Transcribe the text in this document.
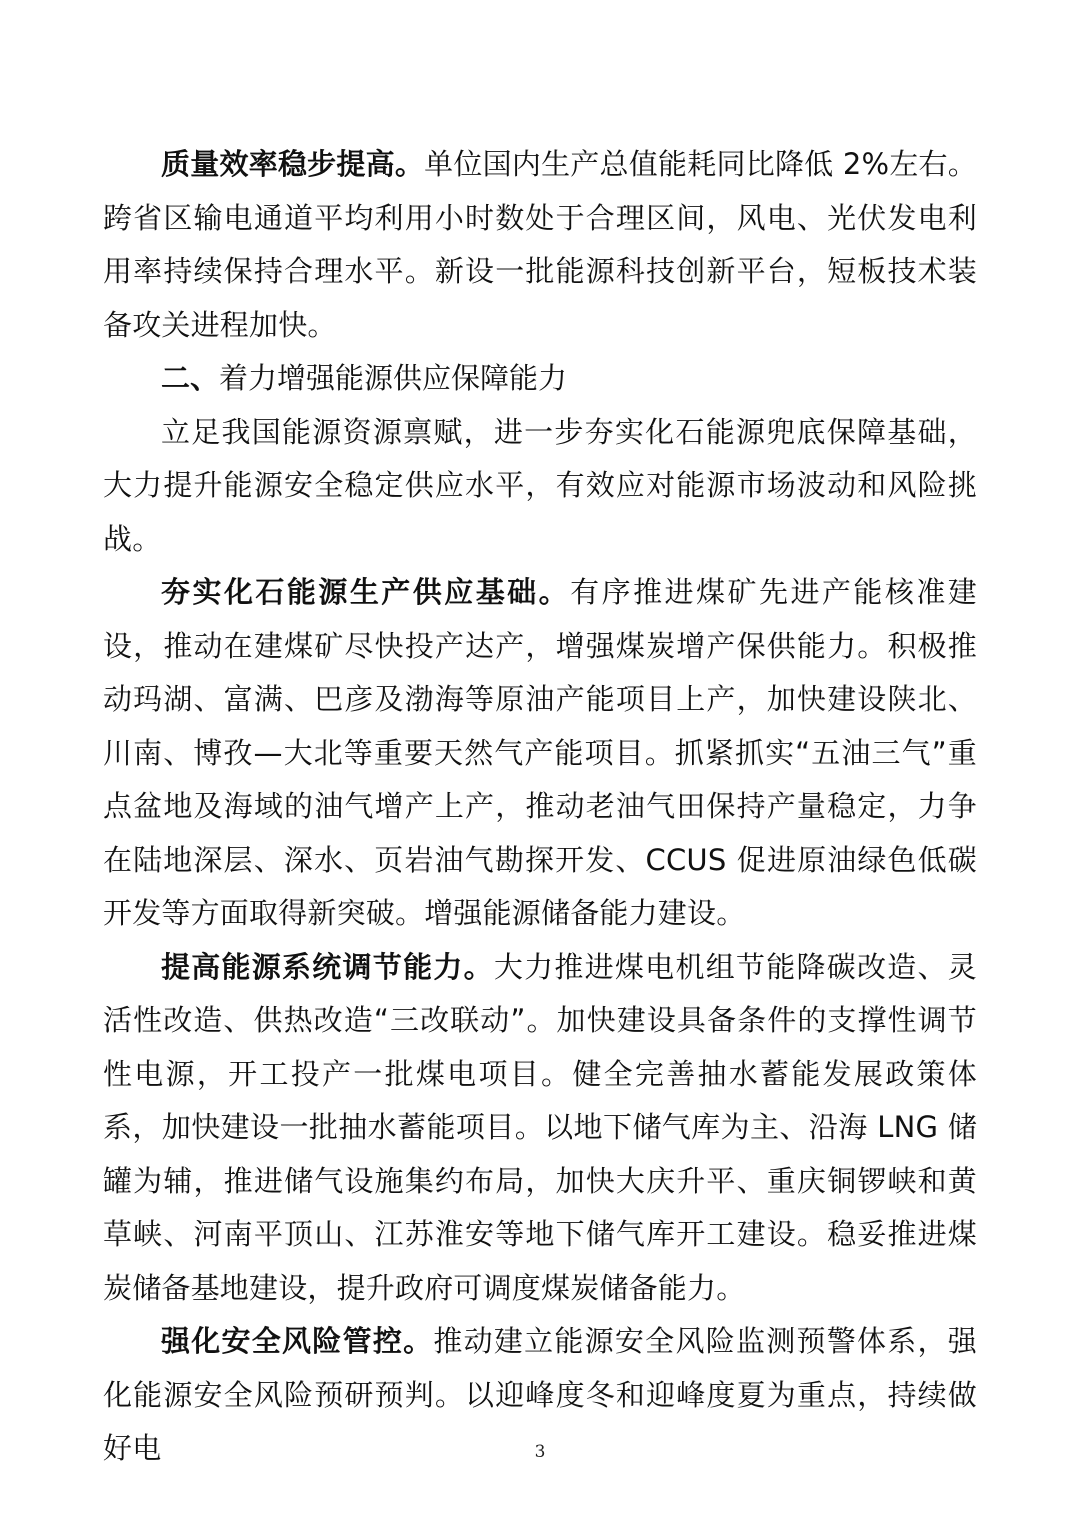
质量效率稳步提高。单位国内生产总值能耗同比降低 2%左右。跨省区输电通道平均利用小时数处于合理区间，风电、光伏发电利用率持续保持合理水平。新设一批能源科技创新平台，短板技术装备攻关进程加快。

二、着力增强能源供应保障能力

立足我国能源资源禀赋，进一步夯实化石能源兜底保障基础，大力提升能源安全稳定供应水平，有效应对能源市场波动和风险挑战。

夯实化石能源生产供应基础。有序推进煤矿先进产能核准建设，推动在建煤矿尽快投产达产，增强煤炭增产保供能力。积极推动玛湖、富满、巴彦及渤海等原油产能项目上产，加快建设陕北、川南、博孜—大北等重要天然气产能项目。抓紧抓实“五油三气”重点盆地及海域的油气增产上产，推动老油气田保持产量稳定，力争在陆地深层、深水、页岩油气勘探开发、CCUS 促进原油绿色低碳开发等方面取得新突破。增强能源储备能力建设。

提高能源系统调节能力。大力推进煤电机组节能降碳改造、灵活性改造、供热改造“三改联动”。加快建设具备条件的支撑性调节性电源，开工投产一批煤电项目。健全完善抽水蓄能发展政策体系，加快建设一批抽水蓄能项目。以地下储气库为主、沿海 LNG 储罐为辅，推进储气设施集约布局，加快大庆升平、重庆铜锣峡和黄草峡、河南平顶山、江苏淮安等地下储气库开工建设。稳妥推进煤炭储备基地建设，提升政府可调度煤炭储备能力。

强化安全风险管控。推动建立能源安全风险监测预警体系，强化能源安全风险预研预判。以迎峰度冬和迎峰度夏为重点，持续做好电	3
